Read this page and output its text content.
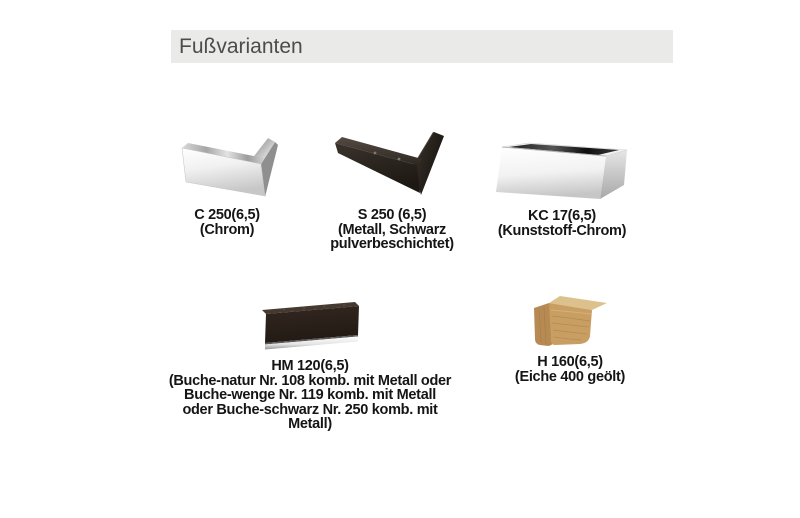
Fußvarianten
C 250(6,5)
(Chrom)
S 250 (6,5)
(Metall, Schwarz
pulverbeschichtet)
KC 17(6,5)
(Kunststoff-Chrom)
HM 120(6,5)
(Buche-natur Nr. 108 komb. mit Metall oder
Buche-wenge Nr. 119 komb. mit Metall
oder Buche-schwarz Nr. 250 komb. mit
Metall)
H 160(6,5)
(Eiche 400 geölt)
